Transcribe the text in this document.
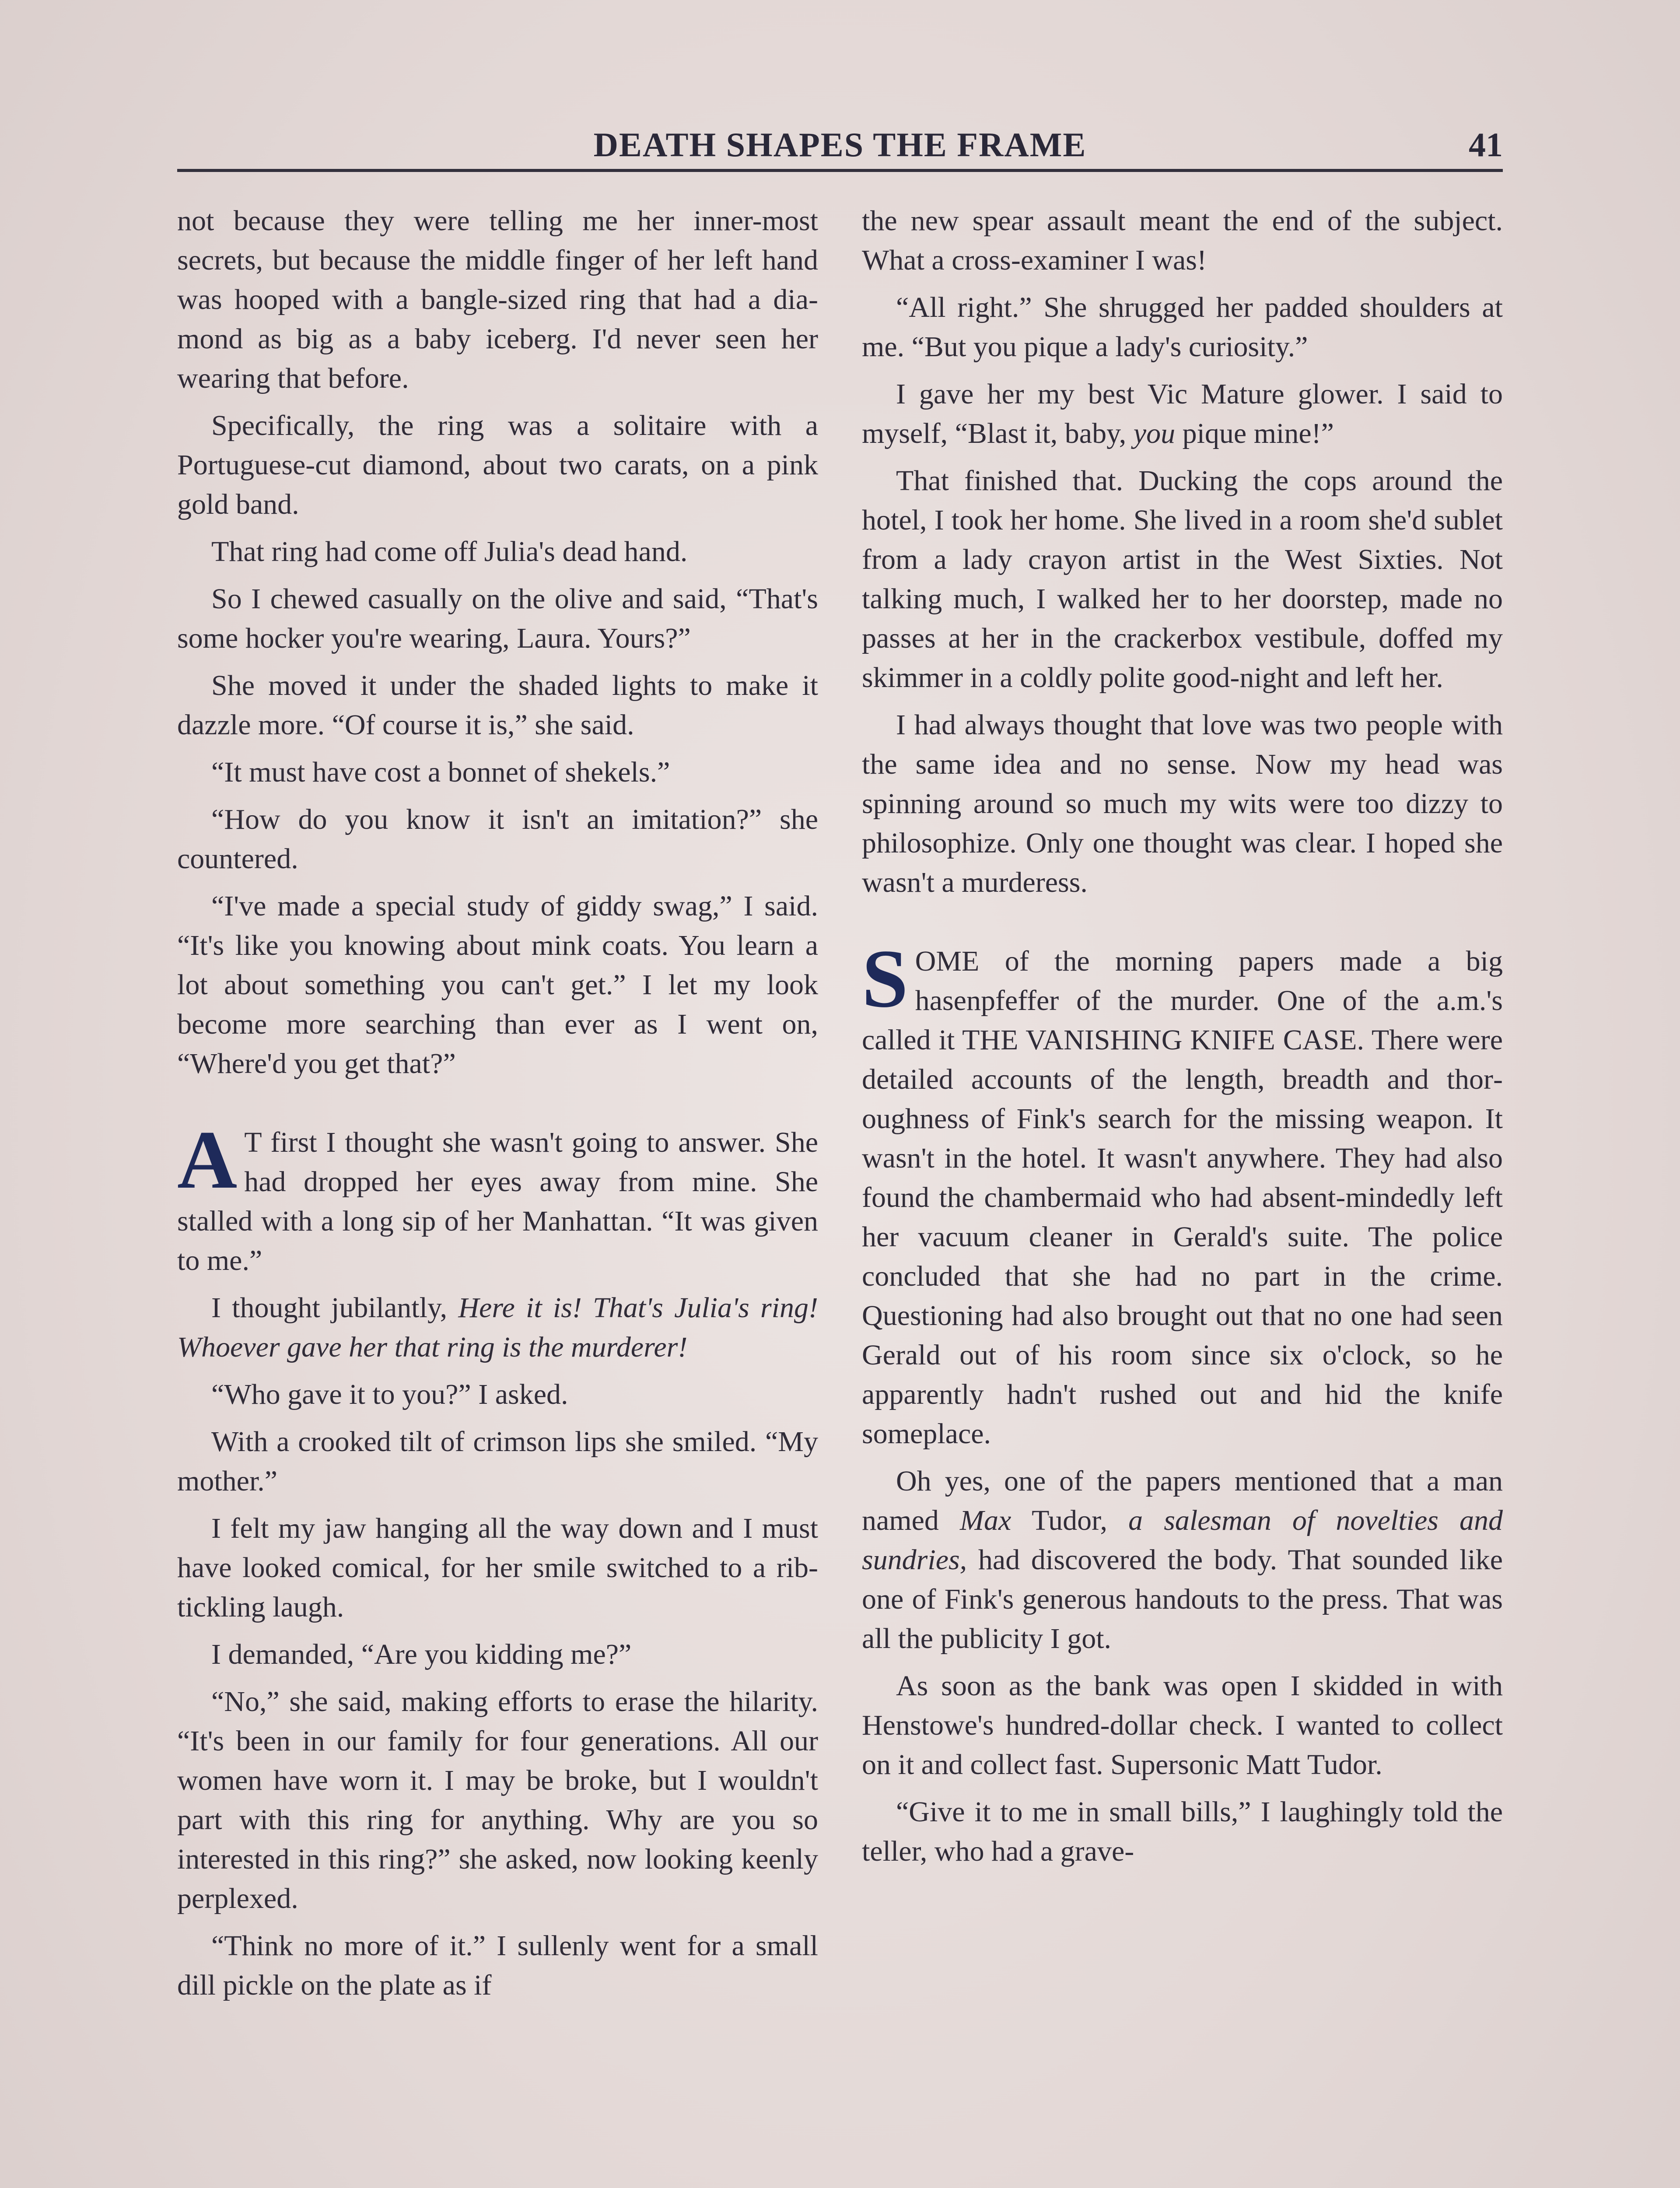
DEATH SHAPES THE FRAME	41

not because they were telling me her inner-most secrets, but because the middle finger of her left hand was hooped with a bangle-sized ring that had a diamond as big as a baby iceberg. I'd never seen her wearing that before.

Specifically, the ring was a solitaire with a Portuguese-cut diamond, about two carats, on a pink gold band.

That ring had come off Julia's dead hand.

So I chewed casually on the olive and said, “That's some hocker you're wearing, Laura. Yours?”

She moved it under the shaded lights to make it dazzle more. “Of course it is,” she said.

“It must have cost a bonnet of shekels.”

“How do you know it isn't an imitation?” she countered.

“I've made a special study of giddy swag,” I said. “It's like you knowing about mink coats. You learn a lot about something you can't get.” I let my look become more searching than ever as I went on, “Where'd you get that?”

A T first I thought she wasn't going to answer. She had dropped her eyes away from mine. She stalled with a long sip of her Manhattan. “It was given to me.”

I thought jubilantly, Here it is! That's Julia's ring! Whoever gave her that ring is the murderer!

“Who gave it to you?” I asked.

With a crooked tilt of crimson lips she smiled. “My mother.”

I felt my jaw hanging all the way down and I must have looked comical, for her smile switched to a rib-tickling laugh.

I demanded, “Are you kidding me?”

“No,” she said, making efforts to erase the hilarity. “It's been in our family for four generations. All our women have worn it. I may be broke, but I wouldn't part with this ring for anything. Why are you so interested in this ring?” she asked, now looking keenly perplexed.

“Think no more of it.” I sullenly went for a small dill pickle on the plate as if

the new spear assault meant the end of the subject. What a cross-examiner I was!

“All right.” She shrugged her padded shoulders at me. “But you pique a lady's curiosity.”

I gave her my best Vic Mature glower. I said to myself, “Blast it, baby, you pique mine!”

That finished that. Ducking the cops around the hotel, I took her home. She lived in a room she'd sublet from a lady crayon artist in the West Sixties. Not talking much, I walked her to her doorstep, made no passes at her in the crackerbox vestibule, doffed my skimmer in a coldly polite good-night and left her.

I had always thought that love was two people with the same idea and no sense. Now my head was spinning around so much my wits were too dizzy to philosophize. Only one thought was clear. I hoped she wasn't a murderess.

SOME of the morning papers made a big hasenpfeffer of the murder. One of the a.m.'s called it THE VANISHING KNIFE CASE. There were detailed accounts of the length, breadth and thoroughness of Fink's search for the missing weapon. It wasn't in the hotel. It wasn't anywhere. They had also found the chambermaid who had absent-mindedly left her vacuum cleaner in Gerald's suite. The police concluded that she had no part in the crime. Questioning had also brought out that no one had seen Gerald out of his room since six o'clock, so he apparently hadn't rushed out and hid the knife someplace.

Oh yes, one of the papers mentioned that a man named Max Tudor, a salesman of novelties and sundries, had discovered the body. That sounded like one of Fink's generous handouts to the press. That was all the publicity I got.

As soon as the bank was open I skidded in with Henstowe's hundred-dollar check. I wanted to collect on it and collect fast. Supersonic Matt Tudor.

“Give it to me in small bills,” I laughingly told the teller, who had a grave-
